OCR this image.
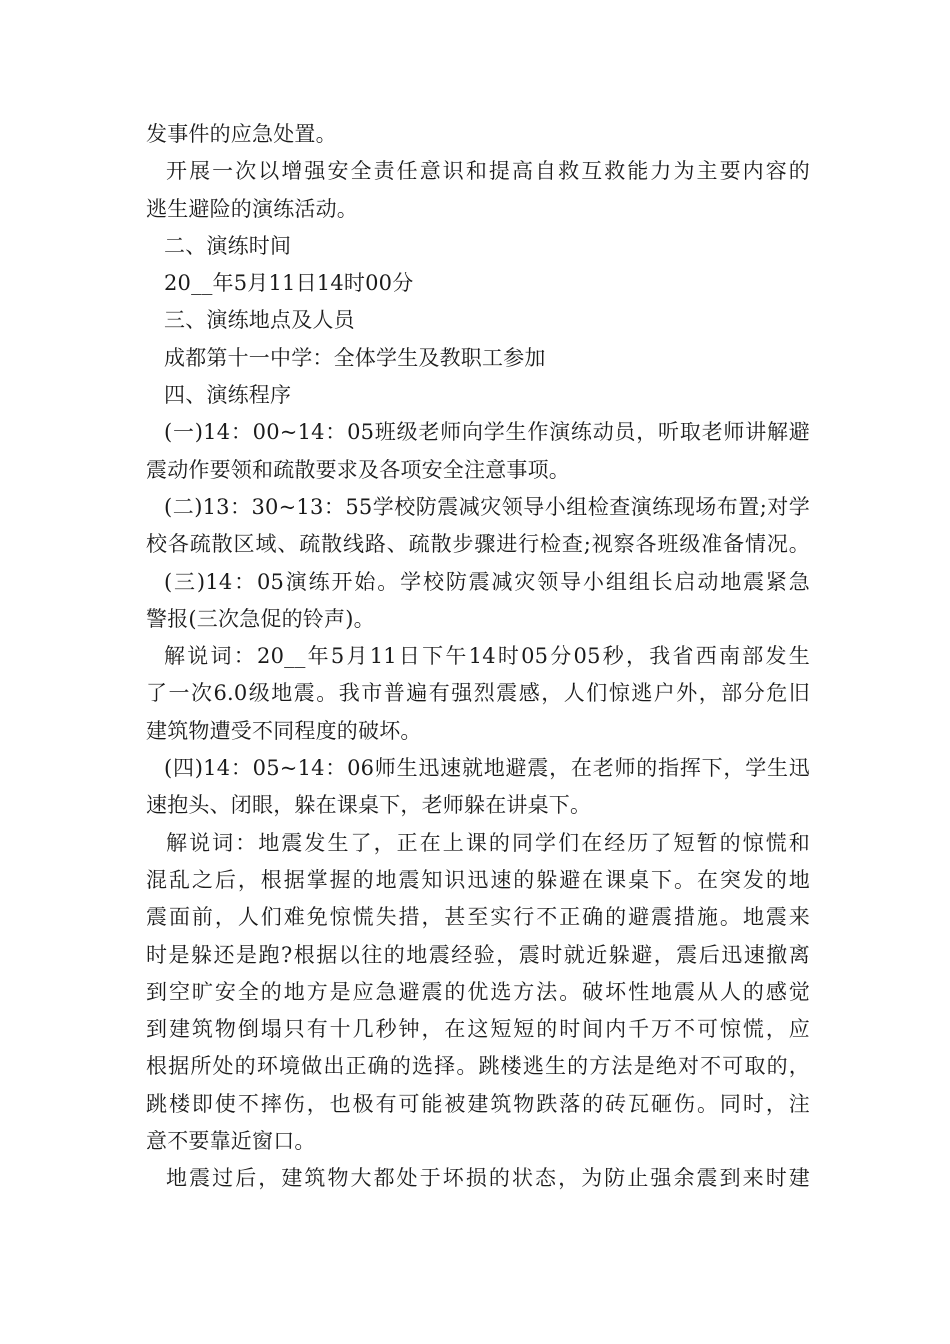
发事件的应急处置。
开展一次以增强安全责任意识和提高自救互救能力为主要内容的
逃生避险的演练活动。
二、演练时间
20__年5月11日14时00分
三、演练地点及人员
成都第十一中学：全体学生及教职工参加
四、演练程序
(一)14：00~14：05班级老师向学生作演练动员，听取老师讲解避
震动作要领和疏散要求及各项安全注意事项。
(二)13：30~13：55学校防震减灾领导小组检查演练现场布置;对学
校各疏散区域、疏散线路、疏散步骤进行检查;视察各班级准备情况。
(三)14：05演练开始。学校防震减灾领导小组组长启动地震紧急
警报(三次急促的铃声)。
解说词：20__年5月11日下午14时05分05秒，我省西南部发生
了一次6.0级地震。我市普遍有强烈震感，人们惊逃户外，部分危旧
建筑物遭受不同程度的破坏。
(四)14：05~14：06师生迅速就地避震，在老师的指挥下，学生迅
速抱头、闭眼，躲在课桌下，老师躲在讲桌下。
解说词：地震发生了，正在上课的同学们在经历了短暂的惊慌和
混乱之后，根据掌握的地震知识迅速的躲避在课桌下。在突发的地
震面前，人们难免惊慌失措，甚至实行不正确的避震措施。地震来
时是躲还是跑?根据以往的地震经验，震时就近躲避，震后迅速撤离
到空旷安全的地方是应急避震的优选方法。破坏性地震从人的感觉
到建筑物倒塌只有十几秒钟，在这短短的时间内千万不可惊慌，应
根据所处的环境做出正确的选择。跳楼逃生的方法是绝对不可取的，
跳楼即使不摔伤，也极有可能被建筑物跌落的砖瓦砸伤。同时，注
意不要靠近窗口。
地震过后，建筑物大都处于坏损的状态，为防止强余震到来时建
